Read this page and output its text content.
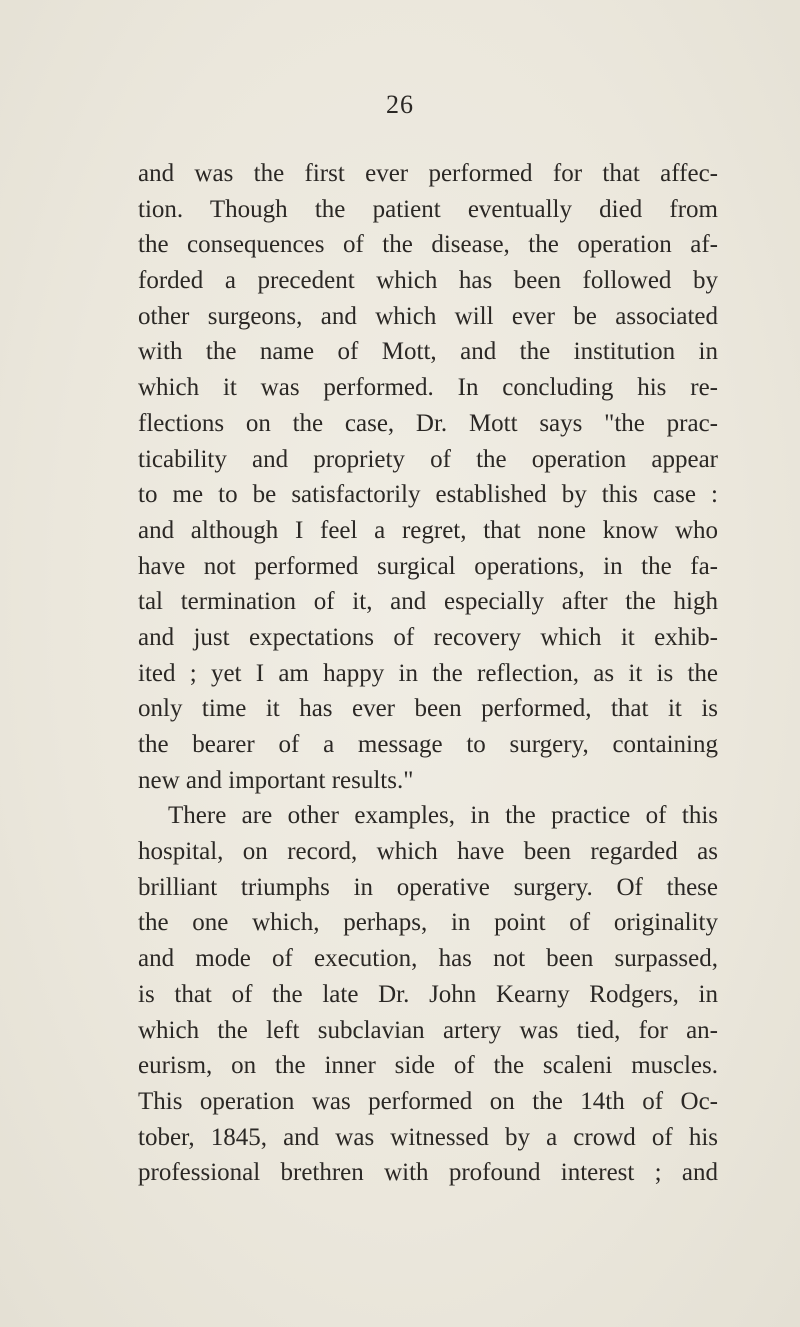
26
and was the first ever performed for that affec-
tion. Though the patient eventually died from
the consequences of the disease, the operation af-
forded a precedent which has been followed by
other surgeons, and which will ever be associated
with the name of Mott, and the institution in
which it was performed. In concluding his re-
flections on the case, Dr. Mott says "the prac-
ticability and propriety of the operation appear
to me to be satisfactorily established by this case :
and although I feel a regret, that none know who
have not performed surgical operations, in the fa-
tal termination of it, and especially after the high
and just expectations of recovery which it exhib-
ited ; yet I am happy in the reflection, as it is the
only time it has ever been performed, that it is
the bearer of a message to surgery, containing
new and important results."
There are other examples, in the practice of this
hospital, on record, which have been regarded as
brilliant triumphs in operative surgery. Of these
the one which, perhaps, in point of originality
and mode of execution, has not been surpassed,
is that of the late Dr. John Kearny Rodgers, in
which the left subclavian artery was tied, for an-
eurism, on the inner side of the scaleni muscles.
This operation was performed on the 14th of Oc-
tober, 1845, and was witnessed by a crowd of his
professional brethren with profound interest ; and
